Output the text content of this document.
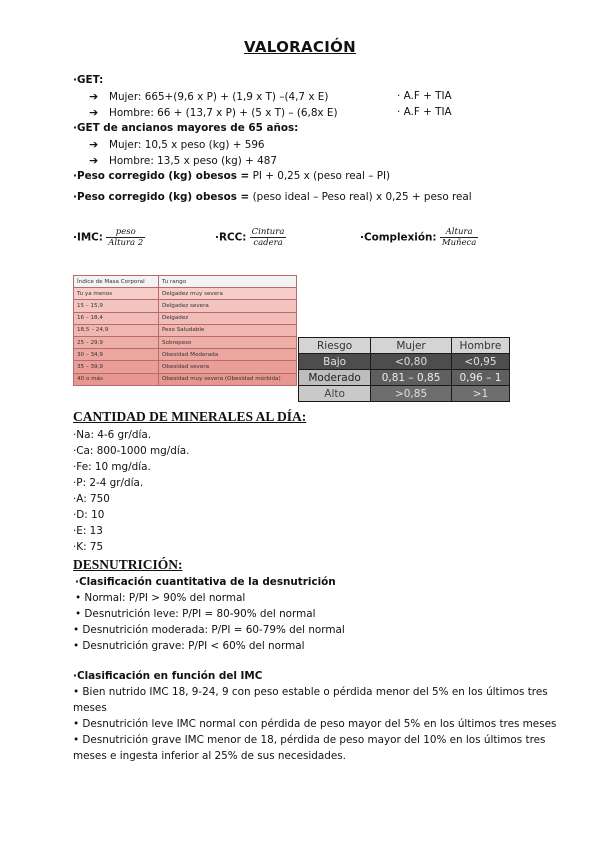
VALORACIÓN
·GET:
➔ Mujer: 665+(9,6 x P) + (1,9 x T) –(4,7 x E)	· A.F + TIA
➔ Hombre: 66 + (13,7 x P) + (5 x T) – (6,8x E)	· A.F + TIA
·GET de ancianos mayores de 65 años:
➔ Mujer: 10,5 x peso (kg) + 596
➔ Hombre: 13,5 x peso (kg) + 487
·Peso corregido (kg) obesos = PI + 0,25 x (peso real – PI)
·Peso corregido (kg) obesos = (peso ideal – Peso real) x 0,25 + peso real
·IMC: $\frac{\text{peso}}{\text{Altura 2}}$	·RCC: $\frac{\text{Cintura}}{\text{cadera}}$	·Complexión: $\frac{\text{Altura}}{\text{Muñeca}}$
Índice de Masa Corporal	Tu rango
Tu ya menos	Delgadez muy severa
15 – 15,9	Delgadez severa
16 – 18,4	Delgadez
18,5 – 24,9	Peso Saludable
25 – 29,9	Sobrepeso
30 – 34,9	Obesidad Moderada
35 – 39,9	Obesidad severa
40 o más	Obesidad muy severa (Obesidad mórbida)
Riesgo	Mujer	Hombre
Bajo	<0,80	<0,95
Moderado	0,81 – 0,85	0,96 – 1
Alto	>0,85	>1
CANTIDAD DE MINERALES AL DÍA:
·Na: 4-6 gr/día.
·Ca: 800-1000 mg/día.
·Fe: 10 mg/día.
·P: 2-4 gr/día.
·A: 750
·D: 10
·E: 13
·K: 75
DESNUTRICIÓN:
·Clasificación cuantitativa de la desnutrición
• Normal: P/PI > 90% del normal
• Desnutrición leve: P/PI = 80-90% del normal
• Desnutrición moderada: P/PI = 60-79% del normal
• Desnutrición grave: P/PI < 60% del normal
·Clasificación en función del IMC
• Bien nutrido IMC 18, 9-24, 9 con peso estable o pérdida menor del 5% en los últimos tres
meses
• Desnutrición leve IMC normal con pérdida de peso mayor del 5% en los últimos tres meses
• Desnutrición grave IMC menor de 18, pérdida de peso mayor del 10% en los últimos tres
meses e ingesta inferior al 25% de sus necesidades.
